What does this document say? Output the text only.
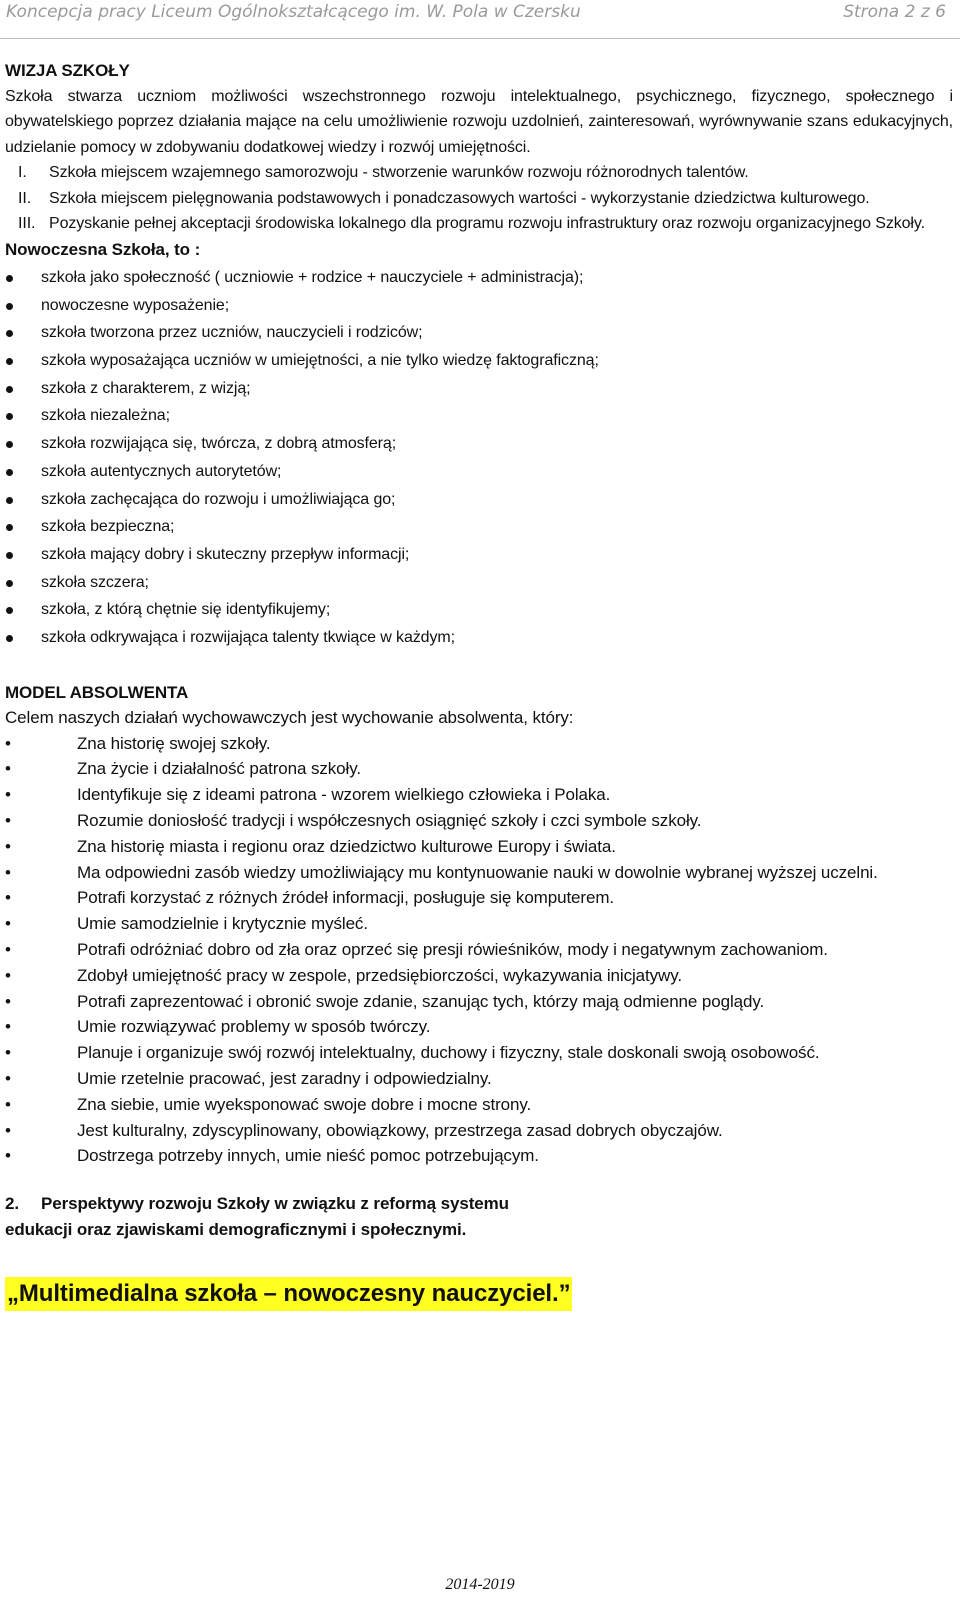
Koncepcja pracy Liceum Ogólnokształcącego im. W. Pola w Czersku	Strona 2 z 6
WIZJA SZKOŁY

Szkoła stwarza uczniom możliwości wszechstronnego rozwoju intelektualnego, psychicznego, fizycznego, społecznego i obywatelskiego poprzez działania mające na celu umożliwienie rozwoju uzdolnień, zainteresowań, wyrównywanie szans edukacyjnych, udzielanie pomocy w zdobywaniu dodatkowej wiedzy i rozwój umiejętności.

I. Szkoła miejscem wzajemnego samorozwoju - stworzenie warunków rozwoju różnorodnych talentów.
II. Szkoła miejscem pielęgnowania podstawowych i ponadczasowych wartości - wykorzystanie dziedzictwa kulturowego.
III. Pozyskanie pełnej akceptacji środowiska lokalnego dla programu rozwoju infrastruktury oraz rozwoju organizacyjnego Szkoły.
Nowoczesna Szkoła, to :
szkoła jako społeczność ( uczniowie + rodzice + nauczyciele + administracja);
nowoczesne wyposażenie;
szkoła tworzona przez uczniów, nauczycieli i rodziców;
szkoła wyposażająca uczniów w umiejętności, a nie tylko wiedzę faktograficzną;
szkoła z charakterem, z wizją;
szkoła niezależna;
szkoła rozwijająca się, twórcza, z dobrą atmosferą;
szkoła autentycznych autorytetów;
szkoła zachęcająca do rozwoju i umożliwiająca go;
szkoła bezpieczna;
szkoła mający dobry i skuteczny przepływ informacji;
szkoła szczera;
szkoła, z którą chętnie się identyfikujemy;
szkoła odkrywająca i rozwijająca talenty tkwiące w każdym;
MODEL ABSOLWENTA

Celem naszych działań wychowawczych jest wychowanie absolwenta, który:

•	Zna historię swojej szkoły.
•	Zna życie i działalność patrona szkoły.
•	Identyfikuje się z ideami patrona - wzorem wielkiego człowieka i Polaka.
•	Rozumie doniosłość tradycji i współczesnych osiągnięć szkoły i czci symbole szkoły.
•	Zna historię miasta i regionu oraz dziedzictwo kulturowe Europy i świata.
•	Ma odpowiedni zasób wiedzy umożliwiający mu kontynuowanie nauki w dowolnie wybranej wyższej uczelni.
•	Potrafi korzystać z różnych źródeł informacji, posługuje się komputerem.
•	Umie samodzielnie i krytycznie myśleć.
•	Potrafi odróżniać dobro od zła oraz oprzeć się presji rówieśników, mody i negatywnym zachowaniom.
•	Zdobył umiejętność pracy w zespole, przedsiębiorczości, wykazywania inicjatywy.
•	Potrafi zaprezentować i obronić swoje zdanie, szanując tych, którzy mają odmienne poglądy.
•	Umie rozwiązywać problemy w sposób twórczy.
•	Planuje i organizuje swój rozwój intelektualny, duchowy i fizyczny, stale doskonali swoją osobowość.
•	Umie rzetelnie pracować, jest zaradny i odpowiedzialny.
•	Zna siebie, umie wyeksponować swoje dobre i mocne strony.
•	Jest kulturalny, zdyscyplinowany, obowiązkowy, przestrzega zasad dobrych obyczajów.
•	Dostrzega potrzeby innych, umie nieść pomoc potrzebującym.

2. Perspektywy rozwoju Szkoły w związku z reformą systemu
edukacji oraz zjawiskami demograficznymi i społecznymi.

„Multimedialna szkoła – nowoczesny nauczyciel.”
2014-2019
